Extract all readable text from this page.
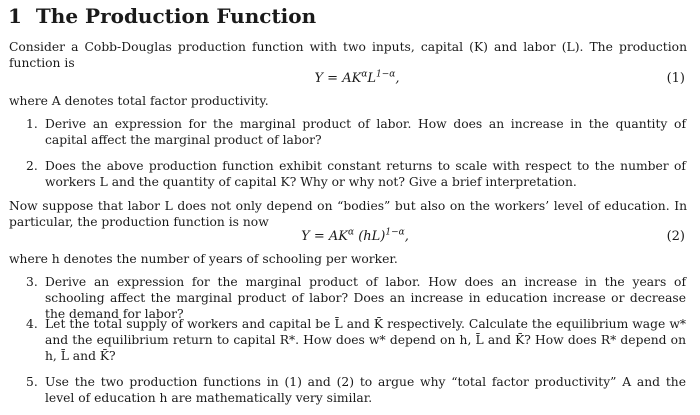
1 The Production Function
Consider a Cobb-Douglas production function with two inputs, capital (K) and labor (L). The production function is
$Y = AK^\alpha L^{1-\alpha}$,	(1)
where A denotes total factor productivity.
1. Derive an expression for the marginal product of labor. How does an increase in the quantity of capital affect the marginal product of labor?
2. Does the above production function exhibit constant returns to scale with respect to the number of workers L and the quantity of capital K? Why or why not? Give a brief interpretation.
Now suppose that labor L does not only depend on “bodies” but also on the workers’ level of education. In particular, the production function is now
$Y = AK^\alpha$ (hL)$^{1-\alpha}$,	(2)
where h denotes the number of years of schooling per worker.
3. Derive an expression for the marginal product of labor. How does an increase in the years of schooling affect the marginal product of labor? Does an increase in education increase or decrease the demand for labor?
4. Let the total supply of workers and capital be L̄ and K̄ respectively. Calculate the equilibrium wage w* and the equilibrium return to capital R*. How does w* depend on h, L̄ and K̄? How does R* depend on h, L̄ and K̄?
5. Use the two production functions in (1) and (2) to argue why “total factor productivity” A and the level of education h are mathematically very similar.
